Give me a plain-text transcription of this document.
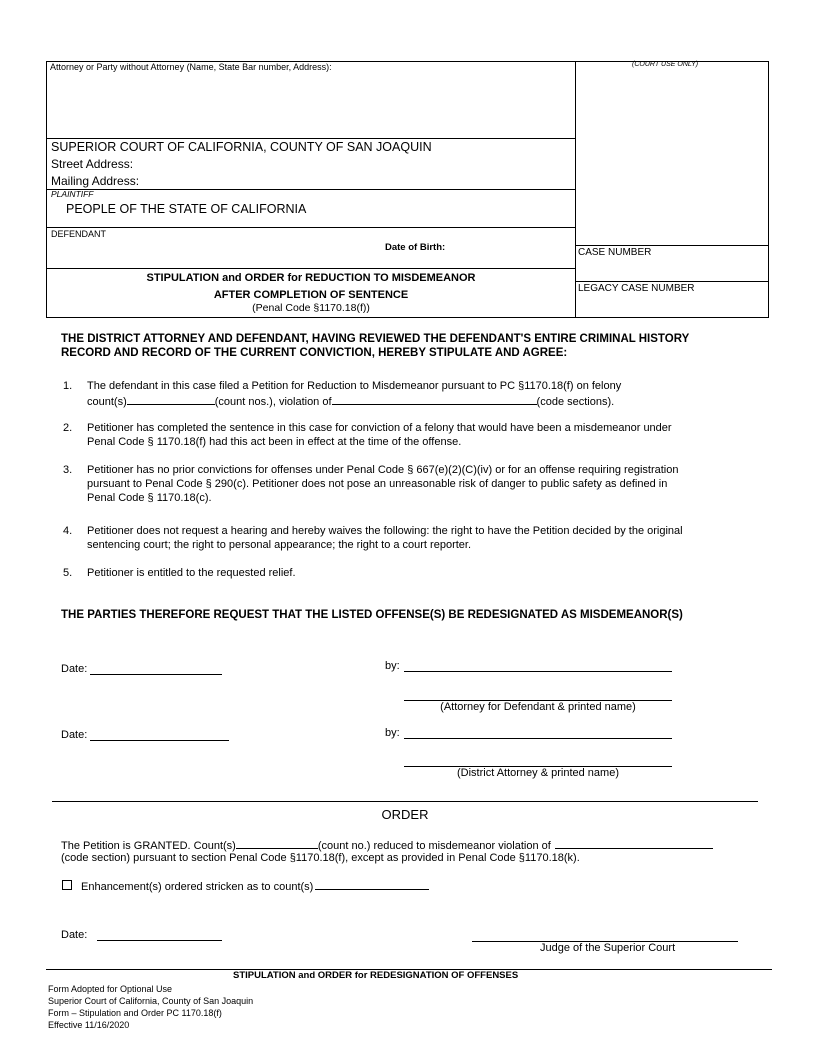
Attorney or Party without Attorney (Name, State Bar number, Address):	(COURT USE ONLY)
SUPERIOR COURT OF CALIFORNIA, COUNTY OF SAN JOAQUIN
Street Address:
Mailing Address:
PLAINTIFF
PEOPLE OF THE STATE OF CALIFORNIA
DEFENDANT
Date of Birth:	CASE NUMBER
LEGACY CASE NUMBER
STIPULATION and ORDER for REDUCTION TO MISDEMEANOR
AFTER COMPLETION OF SENTENCE
(Penal Code §1170.18(f))
THE DISTRICT ATTORNEY AND DEFENDANT, HAVING REVIEWED THE DEFENDANT'S ENTIRE CRIMINAL HISTORY
RECORD AND RECORD OF THE CURRENT CONVICTION, HEREBY STIPULATE AND AGREE:
1. The defendant in this case filed a Petition for Reduction to Misdemeanor pursuant to PC §1170.18(f) on felony
count(s)	(count nos.), violation of	(code sections).
2. Petitioner has completed the sentence in this case for conviction of a felony that would have been a misdemeanor under
Penal Code § 1170.18(f) had this act been in effect at the time of the offense.
3. Petitioner has no prior convictions for offenses under Penal Code § 667(e)(2)(C)(iv) or for an offense requiring registration
pursuant to Penal Code § 290(c). Petitioner does not pose an unreasonable risk of danger to public safety as defined in
Penal Code § 1170.18(c).
4. Petitioner does not request a hearing and hereby waives the following: the right to have the Petition decided by the original
sentencing court; the right to personal appearance; the right to a court reporter.
5. Petitioner is entitled to the requested relief.
THE PARTIES THEREFORE REQUEST THAT THE LISTED OFFENSE(S) BE REDESIGNATED AS MISDEMEANOR(S)
Date:	by:
(Attorney for Defendant & printed name)
Date:	by:
(District Attorney & printed name)
ORDER
The Petition is GRANTED. Count(s)	(count no.) reduced to misdemeanor violation of
(code section) pursuant to section Penal Code §1170.18(f), except as provided in Penal Code §1170.18(k).
Enhancement(s) ordered stricken as to count(s)
Date:
Judge of the Superior Court
STIPULATION and ORDER for REDESIGNATION OF OFFENSES
Form Adopted for Optional Use
Superior Court of California, County of San Joaquin
Form – Stipulation and Order PC 1170.18(f)
Effective 11/16/2020
